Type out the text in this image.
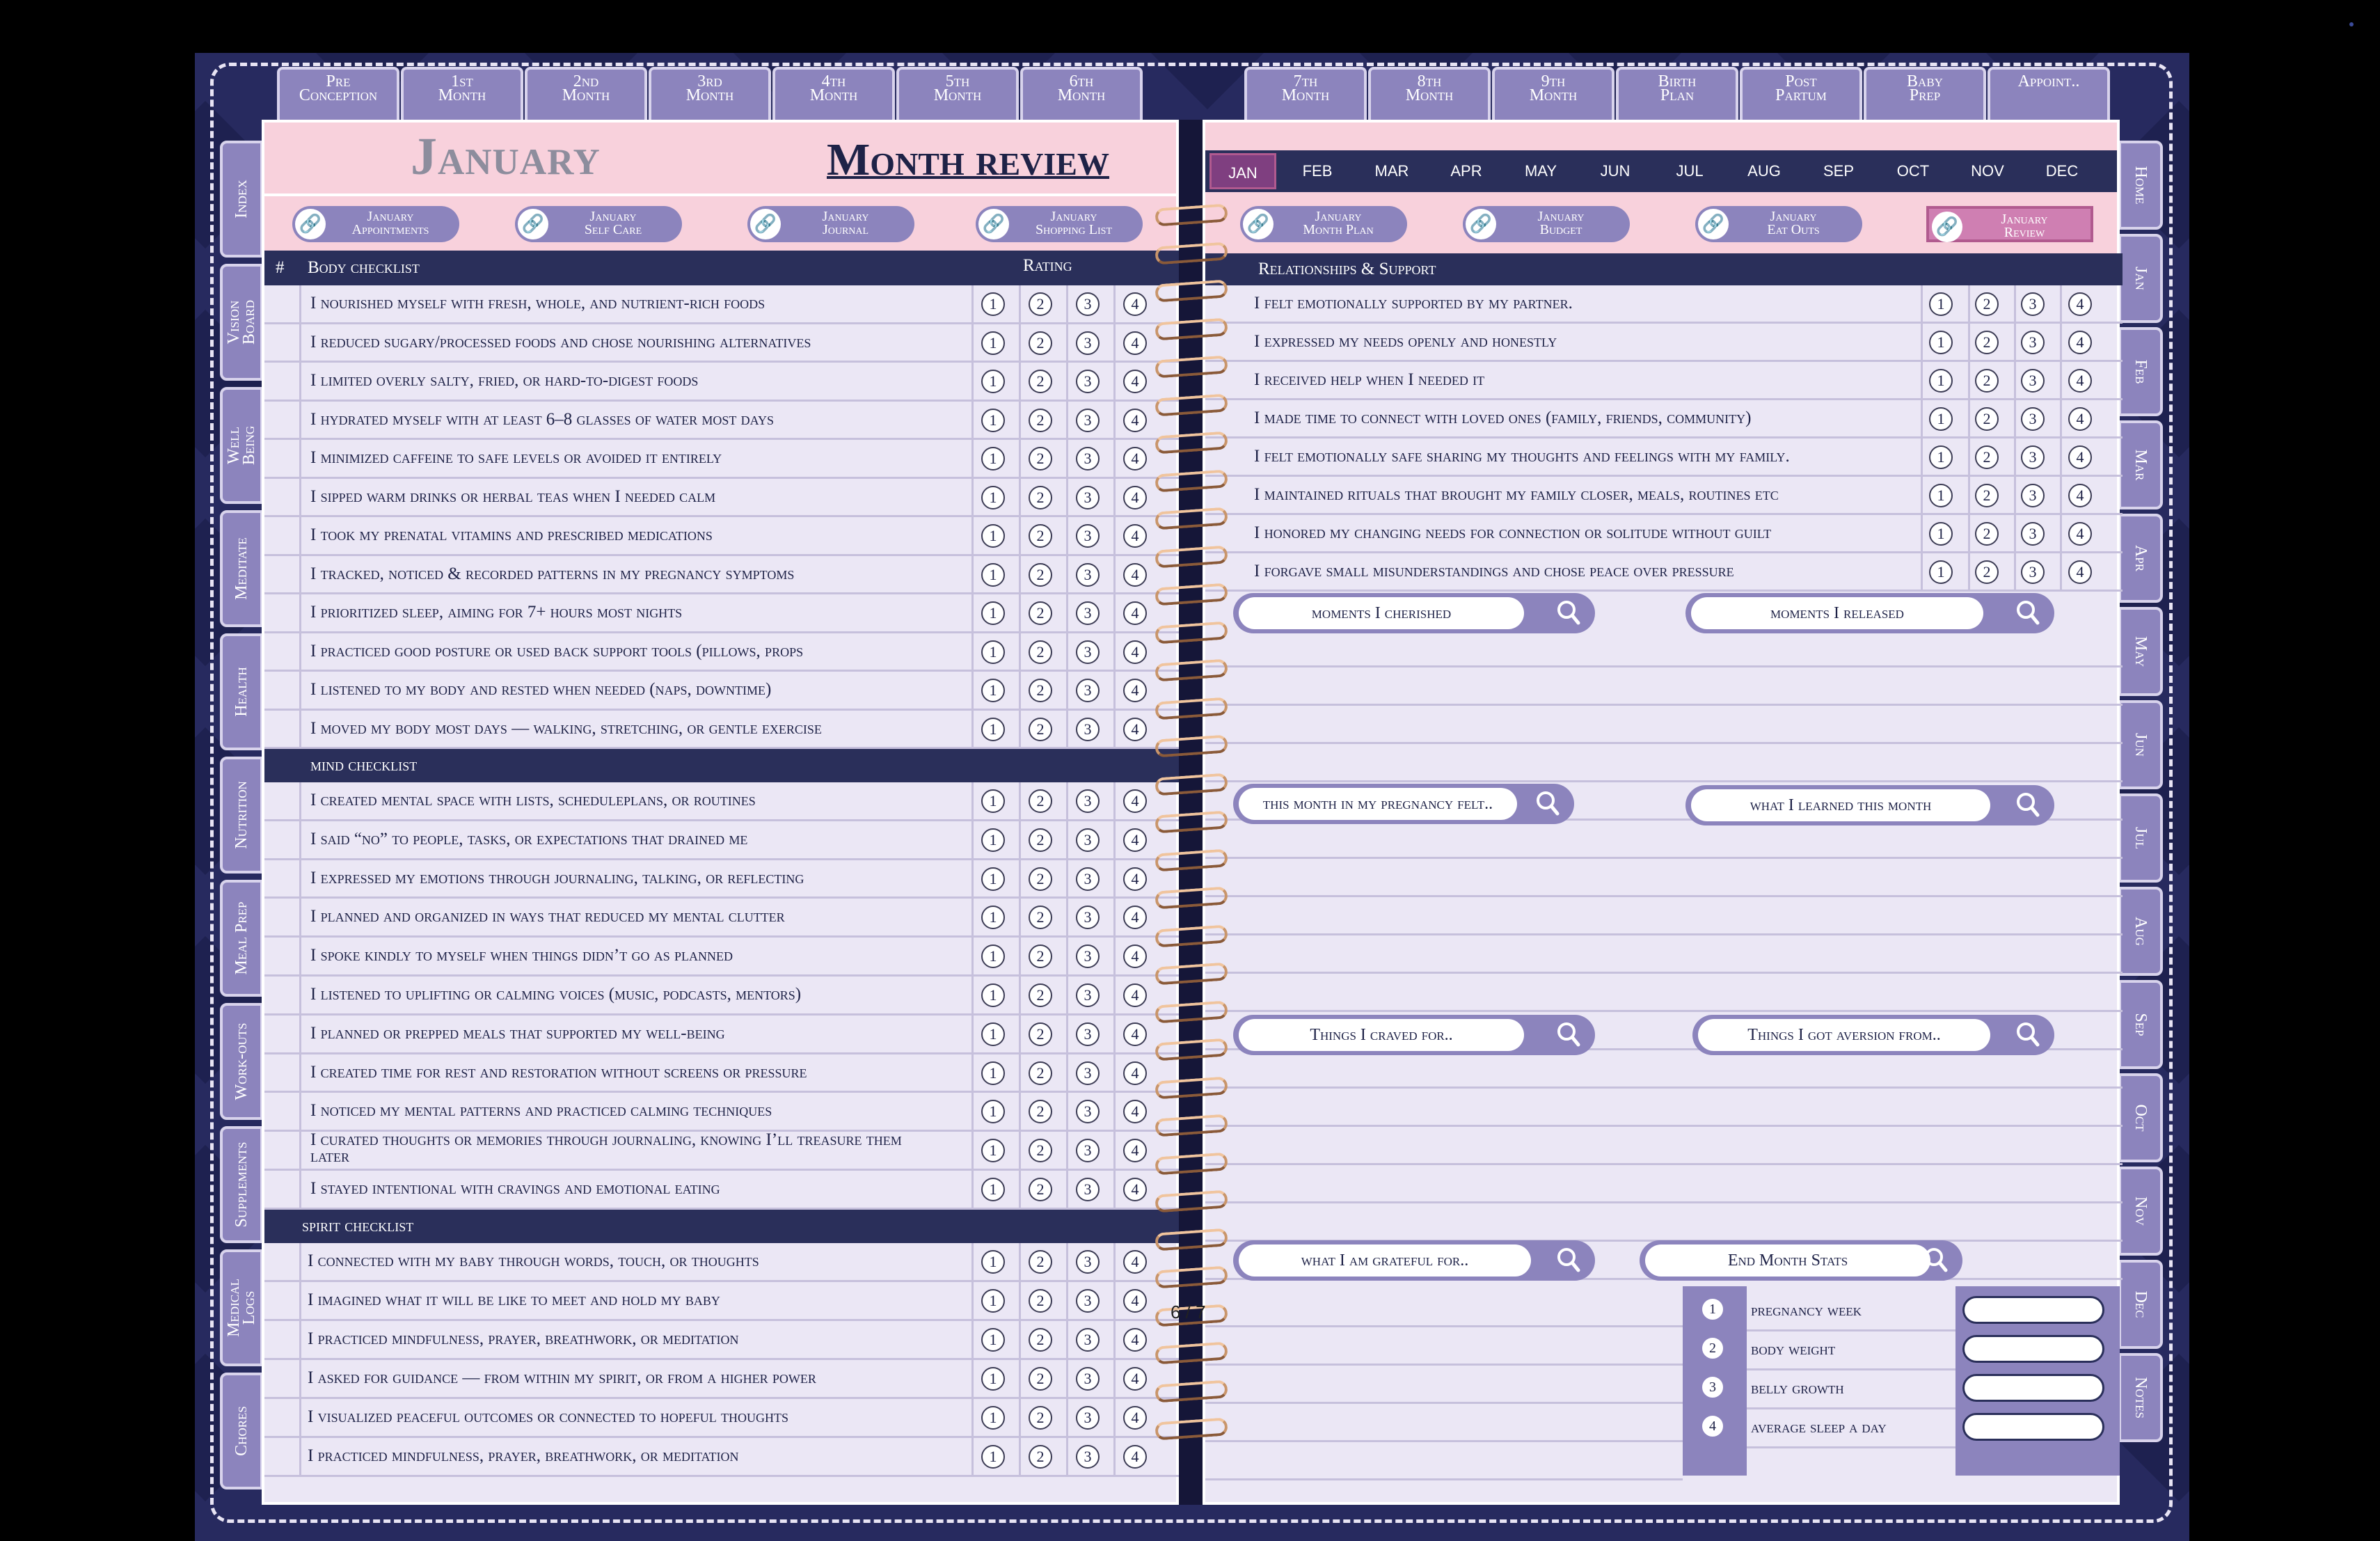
Pre
Conception
1st
Month
2nd
Month
3rd
Month
4th
Month
5th
Month
6th
Month
7th
Month
8th
Month
9th
Month
Birth
Plan
Post
Partum
Baby
Prep
Appoint..
Index
Vision
Board
Well
Being
Meditate
Health
Nutrition
Meal Prep
Work-outs
Supplements
Medical
Logs
Chores
Home
Jan
Feb
Mar
Apr
May
Jun
Jul
Aug
Sep
Oct
Nov
Dec
Notes
January	Month review
🔗	January
Appointments	🔗	January
Self Care	🔗	January
Journal	🔗	January
Shopping List
# Body checklist	Rating
I nourished myself with fresh, whole, and nutrient-rich foods	1	2	3	4
I reduced sugary/processed foods and chose nourishing alternatives	1	2	3	4
I limited overly salty, fried, or hard-to-digest foods	1	2	3	4
I hydrated myself with at least 6–8 glasses of water most days	1	2	3	4
I minimized caffeine to safe levels or avoided it entirely	1	2	3	4
I sipped warm drinks or herbal teas when I needed calm	1	2	3	4
I took my prenatal vitamins and prescribed medications	1	2	3	4
I tracked, noticed & recorded patterns in my pregnancy symptoms	1	2	3	4
I prioritized sleep, aiming for 7+ hours most nights	1	2	3	4
I practiced good posture or used back support tools (pillows, props	1	2	3	4
I listened to my body and rested when needed (naps, downtime)	1	2	3	4
I moved my body most days — walking, stretching, or gentle exercise	1	2	3	4
mind checklist
I created mental space with lists, scheduleplans, or routines	1	2	3	4
I said “no” to people, tasks, or expectations that drained me	1	2	3	4
I expressed my emotions through journaling, talking, or reflecting	1	2	3	4
I planned and organized in ways that reduced my mental clutter	1	2	3	4
I spoke kindly to myself when things didn’t go as planned	1	2	3	4
I listened to uplifting or calming voices (music, podcasts, mentors)	1	2	3	4
I planned or prepped meals that supported my well-being	1	2	3	4
I created time for rest and restoration without screens or pressure	1	2	3	4
I noticed my mental patterns and practiced calming techniques	1	2	3	4
I curated thoughts or memories through journaling, knowing I’ll treasure them later	1	2	3	4
I stayed intentional with cravings and emotional eating	1	2	3	4
spirit checklist
I connected with my baby through words, touch, or thoughts	1	2	3	4
I imagined what it will be like to meet and hold my baby	1	2	3	4
I practiced mindfulness, prayer, breathwork, or meditation	1	2	3	4
I asked for guidance — from within my spirit, or from a higher power	1	2	3	4
I visualized peaceful outcomes or connected to hopeful thoughts	1	2	3	4
I practiced mindfulness, prayer, breathwork, or meditation	1	2	3	4
JAN	FEB	MAR	APR	MAY	JUN	JUL	AUG	SEP	OCT	NOV	DEC
🔗	January
Month Plan	🔗	January
Budget	🔗	January
Eat Outs	🔗	January
Review
Relationships & Support
I felt emotionally supported by my partner.	1	2	3	4
I expressed my needs openly and honestly	1	2	3	4
I received help when I needed it	1	2	3	4
I made time to connect with loved ones (family, friends, community)	1	2	3	4
I felt emotionally safe sharing my thoughts and feelings with my family.	1	2	3	4
I maintained rituals that brought my family closer, meals, routines etc	1	2	3	4
I honored my changing needs for connection or solitude without guilt	1	2	3	4
I forgave small misunderstandings and chose peace over pressure	1	2	3	4
moments I cherished	moments I released
this month in my pregnancy felt..	what I learned this month
Things I craved for..	Things I got aversion from..
what I am grateful for..	End Month Stats
1	pregnancy week
2	body weight
3	belly growth
4	average sleep a day
6 / 7
